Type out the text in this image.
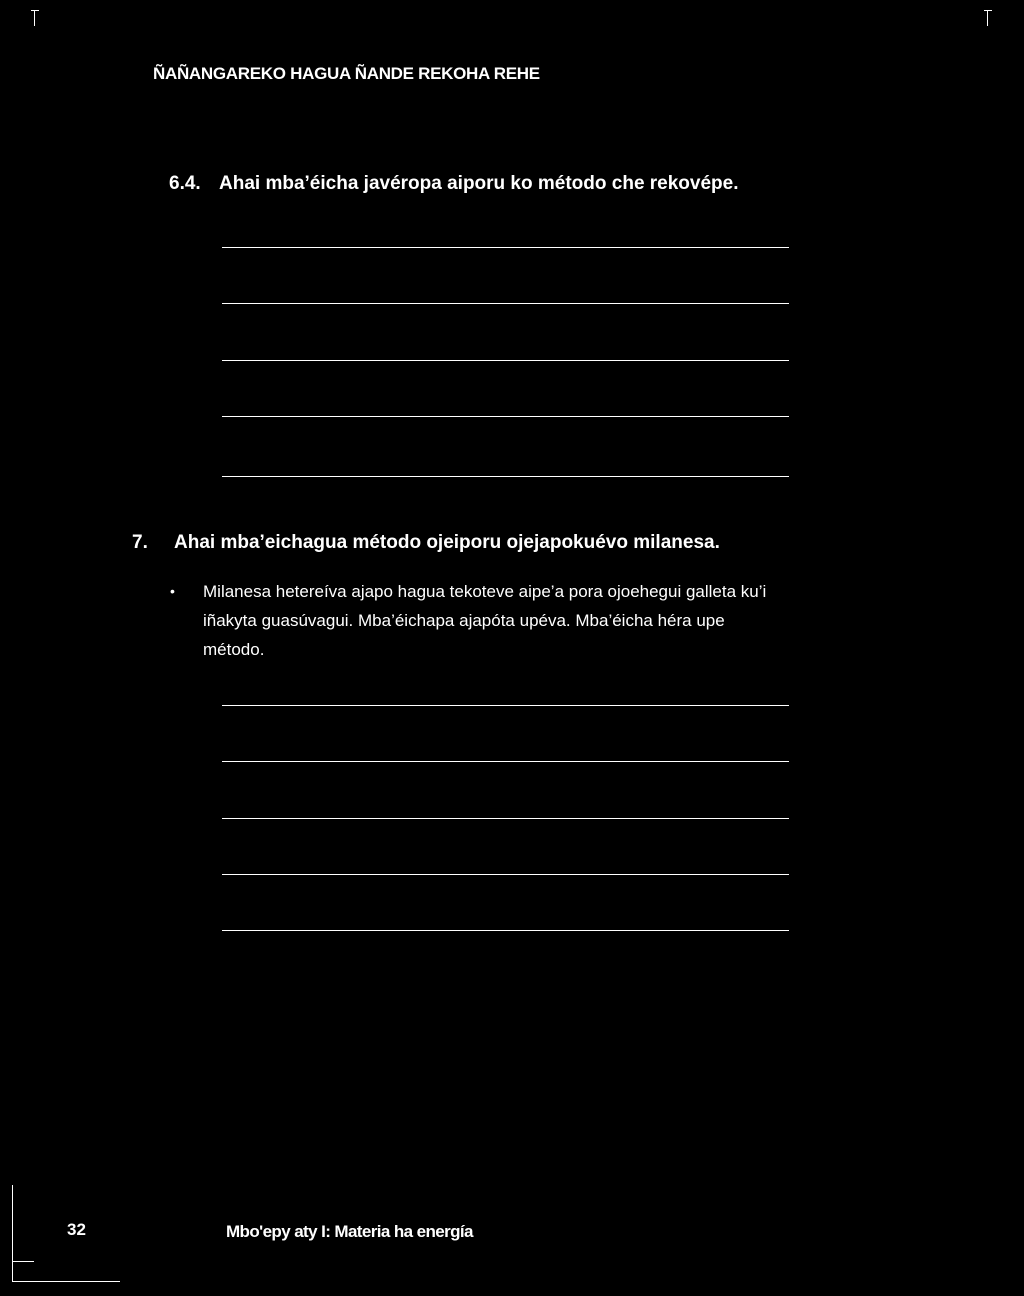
ÑAÑANGAREKO HAGUA ÑANDE REKOHA REHE
6.4. Ahai mba’éicha javéropa aiporu ko método che rekovépe.
7. Ahai mba’eichagua método ojeiporu ojejapokuévo milanesa.
• Milanesa hetereíva ajapo hagua tekoteve aipe’a pora ojoehegui galleta ku’i iñakyta guasúvagui. Mba’éichapa ajapóta upéva. Mba’éicha héra upe método.
32	Mbo'epy aty I: Materia ha energía
